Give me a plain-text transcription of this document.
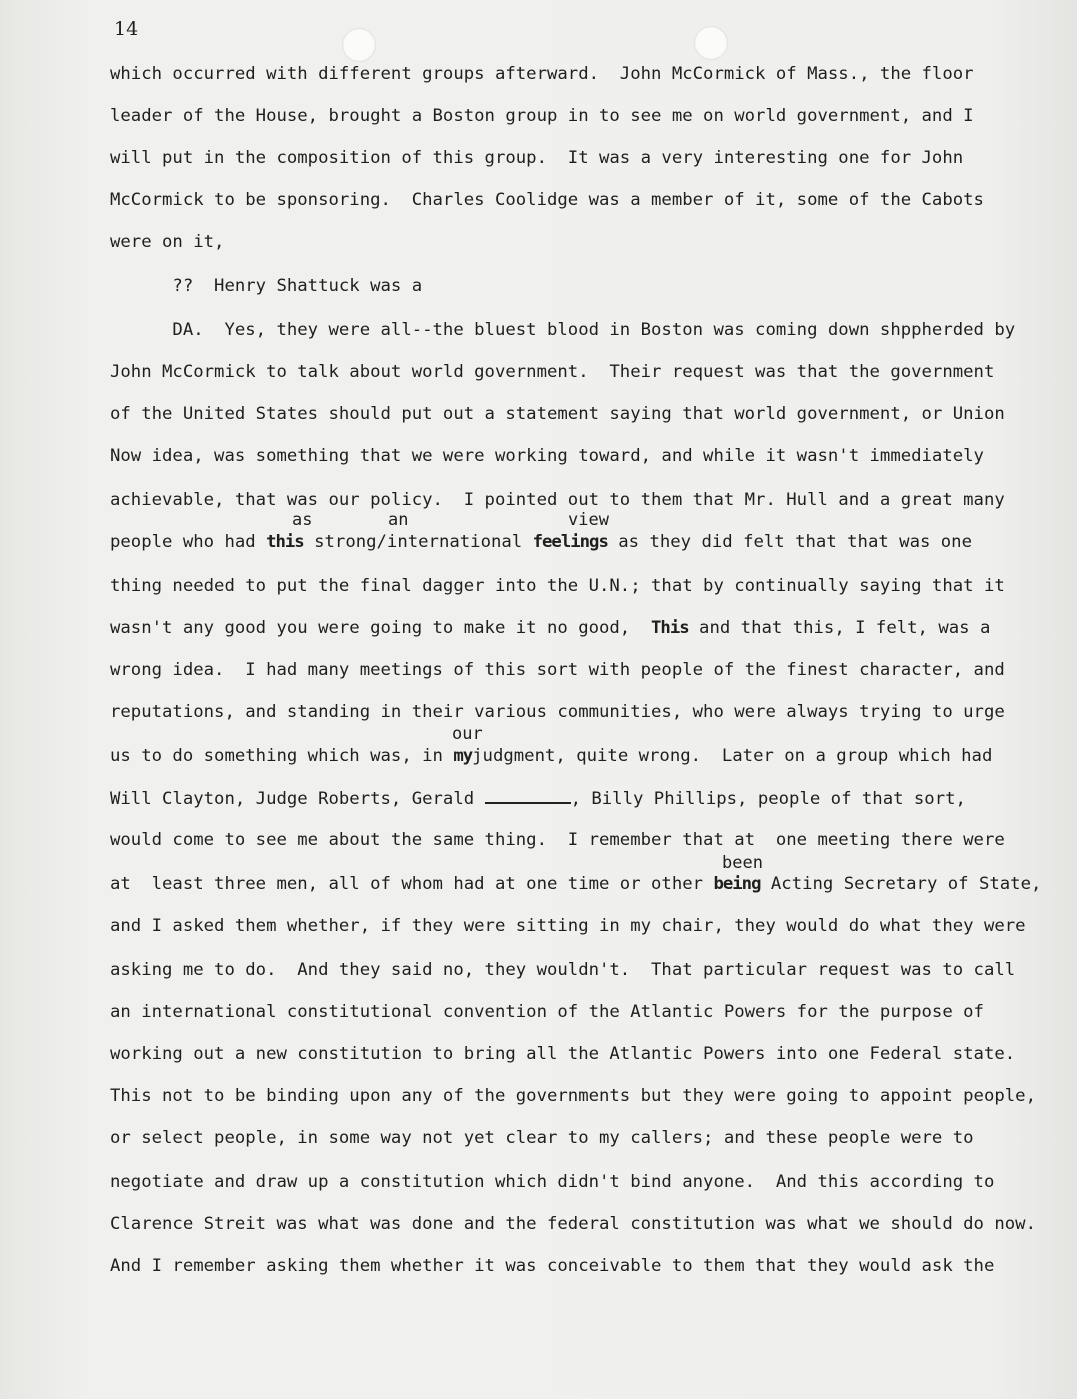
14
which occurred with different groups afterward.  John McCormick of Mass., the floor
leader of the House, brought a Boston group in to see me on world government, and I
will put in the composition of this group.  It was a very interesting one for John
McCormick to be sponsoring.  Charles Coolidge was a member of it, some of the Cabots
were on it,
??  Henry Shattuck was a
DA.  Yes, they were all--the bluest blood in Boston was coming down shppherded by
John McCormick to talk about world government.  Their request was that the government
of the United States should put out a statement saying that world government, or Union
Now idea, was something that we were working toward, and while it wasn't immediately
achievable, that was our policy.  I pointed out to them that Mr. Hull and a great many
as	an	view
people who had this strong/international feelings as they did felt that that was one
thing needed to put the final dagger into the U.N.; that by continually saying that it
wasn't any good you were going to make it no good,  This and that this, I felt, was a
wrong idea.  I had many meetings of this sort with people of the finest character, and
reputations, and standing in their various communities, who were always trying to urge
our
us to do something which was, in myjudgment, quite wrong.  Later on a group which had
Will Clayton, Judge Roberts, Gerald	, Billy Phillips, people of that sort,
would come to see me about the same thing.  I remember that at  one meeting there were
been
at  least three men, all of whom had at one time or other being Acting Secretary of State,
and I asked them whether, if they were sitting in my chair, they would do what they were
asking me to do.  And they said no, they wouldn't.  That particular request was to call
an international constitutional convention of the Atlantic Powers for the purpose of
working out a new constitution to bring all the Atlantic Powers into one Federal state.
This not to be binding upon any of the governments but they were going to appoint people,
or select people, in some way not yet clear to my callers; and these people were to
negotiate and draw up a constitution which didn't bind anyone.  And this according to
Clarence Streit was what was done and the federal constitution was what we should do now.
And I remember asking them whether it was conceivable to them that they would ask the
